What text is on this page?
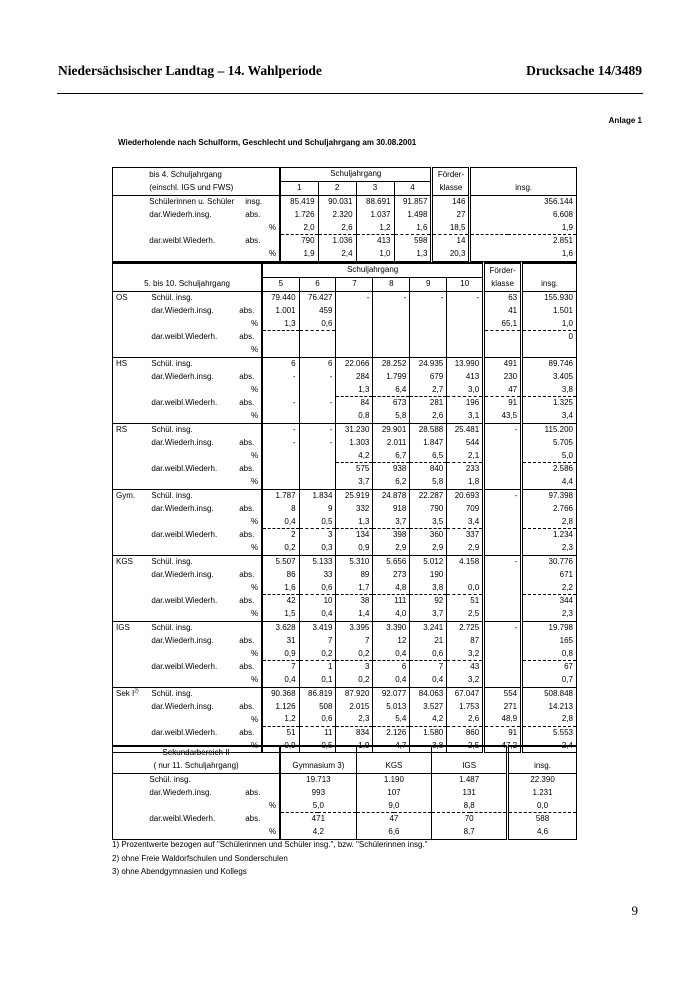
Niedersächsischer Landtag – 14. Wahlperiode	Drucksache 14/3489
Anlage 1
Wiederholende nach Schulform, Geschlecht und Schuljahrgang am 30.08.2001
	bis 4. Schuljahrgang		Schuljahrgang				Förder-	
	(einschl. IGS und FWS)		1	2	3	4	klasse	insg.
	Schülerinnen u. Schüler	insg.	85.419	90.031	88.691	91.857	146	356.144
	dar.Wiederh.insg.	abs.	1.726	2.320	1.037	1.498	27	6.608
		%	2,0	2,6	1,2	1,6	18,5	1,9
	dar.weibl.Wiederh.	abs.	790	1.036	413	598	14	2.851
		%	1,9	2,4	1,0	1,3	20,3	1,6
			Schuljahrgang						Förder-	
5. bis 10. Schuljahrgang			5	6	7	8	9	10	klasse	insg.
OS	Schül. insg.		79.440	76.427	-	-	-	-	63	155.930
	dar.Wiederh.insg.	abs.	1.001	459					41	1.501
		%	1,3	0,6					65,1	1,0
	dar.weibl.Wiederh.	abs.								0
		%								
HS	Schül. insg.		6	6	22.066	28.252	24.935	13.990	491	89.746
	dar.Wiederh.insg.	abs.	-	-	284	1.799	679	413	230	3.405
		%			1,3	6,4	2,7	3,0	47	3,8
	dar.weibl.Wiederh.	abs.	-	-	84	673	281	196	91	1.325
		%			0,8	5,8	2,6	3,1	43,5	3,4
RS	Schül. insg.		-	-	31.230	29.901	28.588	25.481	-	115.200
	dar.Wiederh.insg.	abs.	-	-	1.303	2.011	1.847	544		5.705
		%			4,2	6,7	6,5	2,1		5,0
	dar.weibl.Wiederh.	abs.			575	938	840	233		2.586
		%			3,7	6,2	5,8	1,8		4,4
Gym.	Schül. insg.		1.787	1.834	25.919	24.878	22.287	20.693	-	97.398
	dar.Wiederh.insg.	abs.	8	9	332	918	790	709		2.766
		%	0,4	0,5	1,3	3,7	3,5	3,4		2,8
	dar.weibl.Wiederh.	abs.	2	3	134	398	360	337		1.234
		%	0,2	0,3	0,9	2,9	2,9	2,9		2,3
KGS	Schül. insg.		5.507	5.133	5.310	5.656	5.012	4.158	-	30.776
	dar.Wiederh.insg.	abs.	86	33	89	273	190			671
		%	1,6	0,6	1,7	4,8	3,8	0,0		2,2
	dar.weibl.Wiederh.	abs.	42	10	38	111	92	51		344
		%	1,5	0,4	1,4	4,0	3,7	2,5		2,3
IGS	Schül. insg.		3.628	3.419	3.395	3.390	3.241	2.725	-	19.798
	dar.Wiederh.insg.	abs.	31	7	7	12	21	87		165
		%	0,9	0,2	0,2	0,4	0,6	3,2		0,8
	dar.weibl.Wiederh.	abs.	7	1	3	6	7	43		67
		%	0,4	0,1	0,2	0,4	0,4	3,2		0,7
Sek $I^{2)}$	Schül. insg.		90.368	86.819	87.920	92.077	84.063	67.047	554	508.848
	dar.Wiederh.insg.	abs.	1.126	508	2.015	5.013	3.527	1.753	271	14.213
		%	1,2	0,6	2,3	5,4	4,2	2,6	48,9	2,8
	dar.weibl.Wiederh.	abs.	51	11	834	2.126	1.580	860	91	5.553
		%	0,9	0,5	1,9	4,7	3,8	2,5	47,2	2,4
Sekundarbereich II						
( nur 11. Schuljahrgang)			Gymnasium 3)	KGS	IGS	insg.
	Schül. insg.		19.713	1.190	1.487	22.390
	dar.Wiederh.insg.	abs.	993	107	131	1.231
		%	5,0	9,0	8,8	0,0
	dar.weibl.Wiederh.	abs.	471	47	70	588
		%	4,2	6,6	8,7	4,6
1) Prozentwerte bezogen auf "Schülerinnen und Schüler insg.", bzw. "Schülerinnen insg."
2) ohne Freie Waldorfschulen und Sonderschulen
3) ohne Abendgymnasien und Kollegs
9
